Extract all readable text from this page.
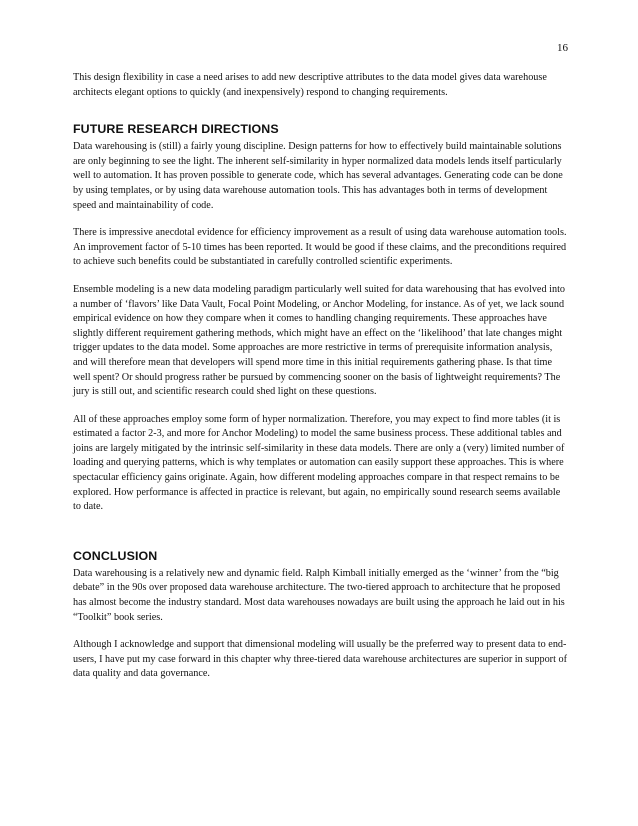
16

This design flexibility in case a need arises to add new descriptive attributes to the data model gives data warehouse architects elegant options to quickly (and inexpensively) respond to changing requirements.

FUTURE RESEARCH DIRECTIONS

Data warehousing is (still) a fairly young discipline. Design patterns for how to effectively build maintainable solutions are only beginning to see the light. The inherent self-similarity in hyper normalized data models lends itself particularly well to automation. It has proven possible to generate code, which has several advantages. Generating code can be done by using templates, or by using data warehouse automation tools. This has advantages both in terms of development speed and maintainability of code.

There is impressive anecdotal evidence for efficiency improvement as a result of using data warehouse automation tools. An improvement factor of 5-10 times has been reported. It would be good if these claims, and the preconditions required to achieve such benefits could be substantiated in carefully controlled scientific experiments.

Ensemble modeling is a new data modeling paradigm particularly well suited for data warehousing that has evolved into a number of ‘flavors’ like Data Vault, Focal Point Modeling, or Anchor Modeling, for instance. As of yet, we lack sound empirical evidence on how they compare when it comes to handling changing requirements. These approaches have slightly different requirement gathering methods, which might have an effect on the ‘likelihood’ that late changes might trigger updates to the data model. Some approaches are more restrictive in terms of prerequisite information analysis, and will therefore mean that developers will spend more time in this initial requirements gathering phase. Is that time well spent? Or should progress rather be pursued by commencing sooner on the basis of lightweight requirements? The jury is still out, and scientific research could shed light on these questions.

All of these approaches employ some form of hyper normalization. Therefore, you may expect to find more tables (it is estimated a factor 2-3, and more for Anchor Modeling) to model the same business process. These additional tables and joins are largely mitigated by the intrinsic self-similarity in these data models. There are only a (very) limited number of loading and querying patterns, which is why templates or automation can easily support these approaches. This is where spectacular efficiency gains originate. Again, how different modeling approaches compare in that respect remains to be explored. How performance is affected in practice is relevant, but again, no empirically sound research seems available to date.

CONCLUSION

Data warehousing is a relatively new and dynamic field. Ralph Kimball initially emerged as the ‘winner’ from the “big debate” in the 90s over proposed data warehouse architecture. The two-tiered approach to architecture that he proposed has almost become the industry standard. Most data warehouses nowadays are built using the approach he laid out in his “Toolkit” book series.

Although I acknowledge and support that dimensional modeling will usually be the preferred way to present data to end-users, I have put my case forward in this chapter why three-tiered data warehouse architectures are superior in support of data quality and data governance.
